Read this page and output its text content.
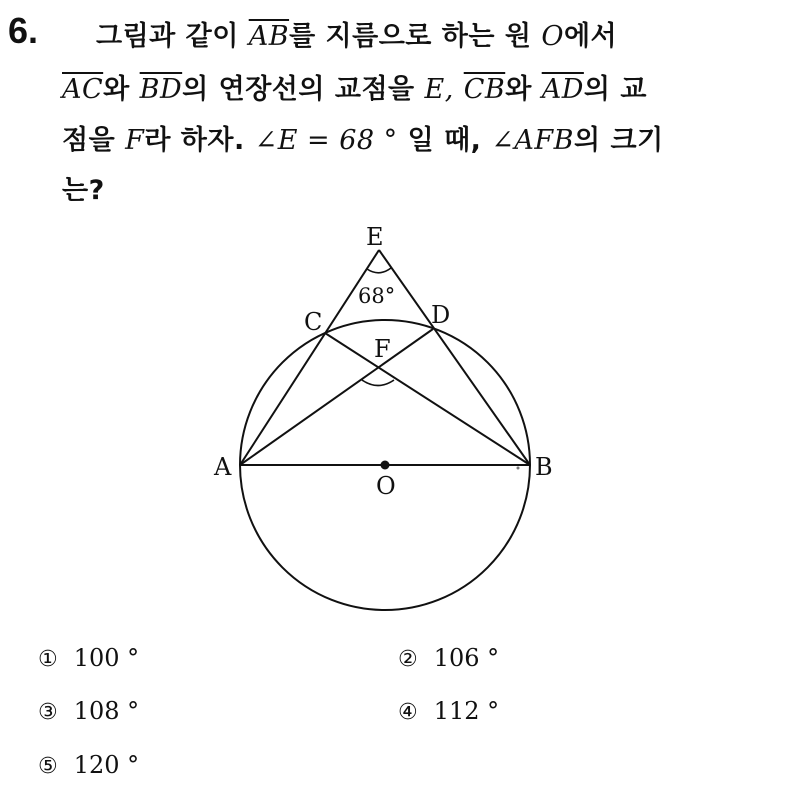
6. 그림과 같이 $\overline{AB}$를 지름으로 하는 원 O에서
$\overline{AC}$와 $\overline{BD}$의 연장선의 교점을 E, $\overline{CB}$와 $\overline{AD}$의 교
점을 F라 하자. ∠E = 68 ° 일 때, ∠AFB의 크기
는?
E
68°
C	D
F
A	B
O
① 100 °	② 106 °
③ 108 °	④ 112 °
⑤ 120 °
